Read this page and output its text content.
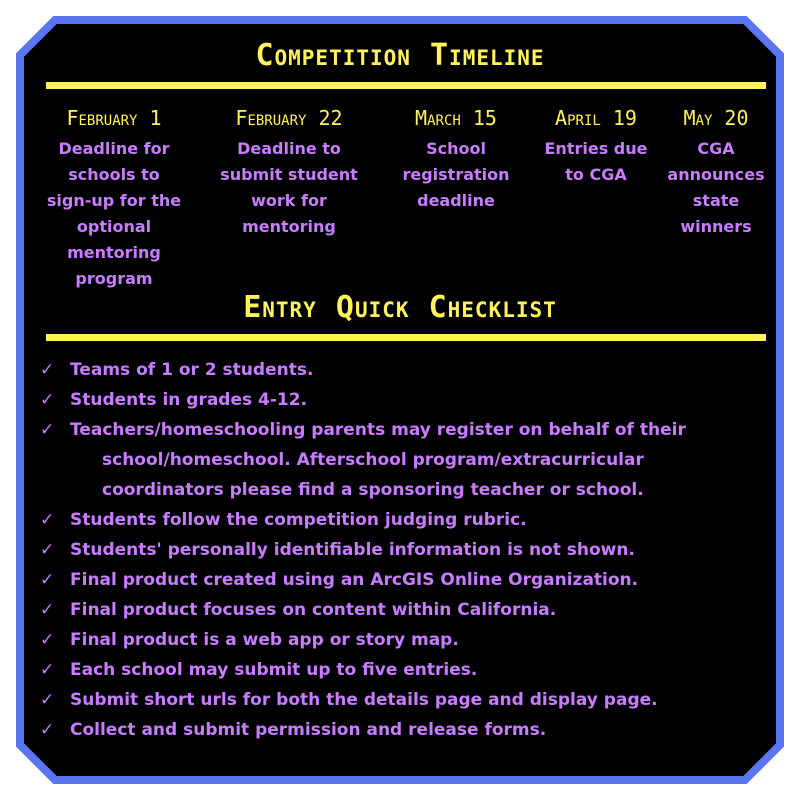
Competition Timeline
February 1
Deadline for schools to sign-up for the optional mentoring program
February 22
Deadline to submit student work for mentoring
March 15
School registration deadline
April 19
Entries due to CGA
May 20
CGA announces state winners
Entry Quick Checklist
✓ Teams of 1 or 2 students.
✓ Students in grades 4-12.
✓ Teachers/homeschooling parents may register on behalf of their
school/homeschool. Afterschool program/extracurricular
coordinators please find a sponsoring teacher or school.
✓ Students follow the competition judging rubric.
✓ Students' personally identifiable information is not shown.
✓ Final product created using an ArcGIS Online Organization.
✓ Final product focuses on content within California.
✓ Final product is a web app or story map.
✓ Each school may submit up to five entries.
✓ Submit short urls for both the details page and display page.
✓ Collect and submit permission and release forms.
